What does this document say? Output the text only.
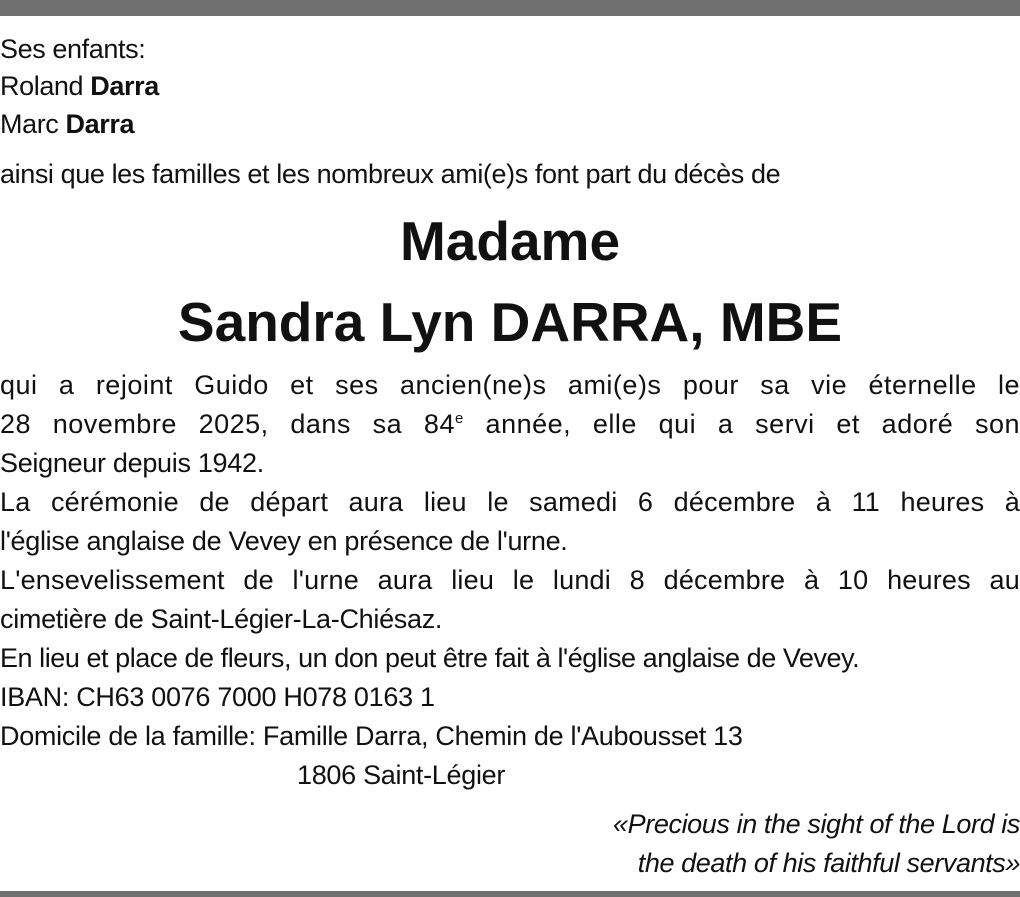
Ses enfants:
Roland Darra
Marc Darra
ainsi que les familles et les nombreux ami(e)s font part du décès de
Madame
Sandra Lyn DARRA, MBE
qui a rejoint Guido et ses ancien(ne)s ami(e)s pour sa vie éternelle le
28 novembre 2025, dans sa 84e année, elle qui a servi et adoré son
Seigneur depuis 1942.
La cérémonie de départ aura lieu le samedi 6 décembre à 11 heures à
l'église anglaise de Vevey en présence de l'urne.
L'ensevelissement de l'urne aura lieu le lundi 8 décembre à 10 heures au
cimetière de Saint-Légier-La-Chiésaz.
En lieu et place de fleurs, un don peut être fait à l'église anglaise de Vevey.
IBAN: CH63 0076 7000 H078 0163 1
Domicile de la famille: Famille Darra, Chemin de l'Aubousset 13
1806 Saint-Légier
«Precious in the sight of the Lord is
the death of his faithful servants»
